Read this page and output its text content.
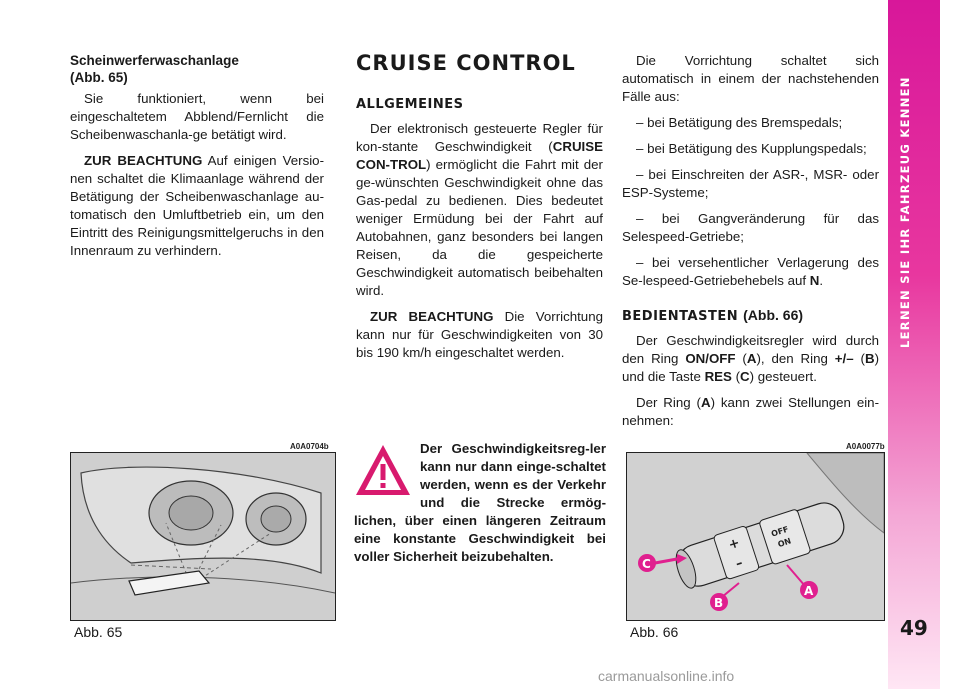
Scheinwerferwaschanlage
(Abb. 65)

Sie funktioniert, wenn bei eingeschaltetem Abblend/Fernlicht die Scheibenwaschanla-ge betätigt wird.

ZUR BEACHTUNG Auf einigen Versio-nen schaltet die Klimaanlage während der Betätigung der Scheibenwaschanlage au-tomatisch den Umluftbetrieb ein, um den Eintritt des Reinigungsmittelgeruchs in den Innenraum zu verhindern.

CRUISE CONTROL
ALLGEMEINES

Der elektronisch gesteuerte Regler für kon-stante Geschwindigkeit (CRUISE CON-TROL) ermöglicht die Fahrt mit der ge-wünschten Geschwindigkeit ohne das Gas-pedal zu bedienen. Dies bedeutet weniger Ermüdung bei der Fahrt auf Autobahnen, ganz besonders bei langen Reisen, da die gespeicherte Geschwindigkeit automatisch beibehalten wird.

ZUR BEACHTUNG Die Vorrichtung kann nur für Geschwindigkeiten von 30 bis 190 km/h eingeschaltet werden.

Der Geschwindigkeitsreg-ler kann nur dann einge-schaltet werden, wenn es der Verkehr und die Strecke ermög-lichen, über einen längeren Zeitraum eine konstante Geschwindigkeit bei voller Sicherheit beizubehalten.

Die Vorrichtung schaltet sich automatisch in einem der nachstehenden Fälle aus:

– bei Betätigung des Bremspedals;

– bei Betätigung des Kupplungspedals;

– bei Einschreiten der ASR-, MSR- oder ESP-Systeme;

– bei Gangveränderung für das Selespeed-Getriebe;

– bei versehentlicher Verlagerung des Se-lespeed-Getriebehebels auf N.

BEDIENTASTEN (Abb. 66)

Der Geschwindigkeitsregler wird durch den Ring ON/OFF (A), den Ring +/– (B) und die Taste RES (C) gesteuert.

Der Ring (A) kann zwei Stellungen ein-nehmen:

A0A0704b
Abb. 65
A0A0077b
+
–
OFF
ON
C
B
A
Abb. 66
LERNEN SIE IHR FAHRZEUG KENNEN
49
carmanualsonline.info
